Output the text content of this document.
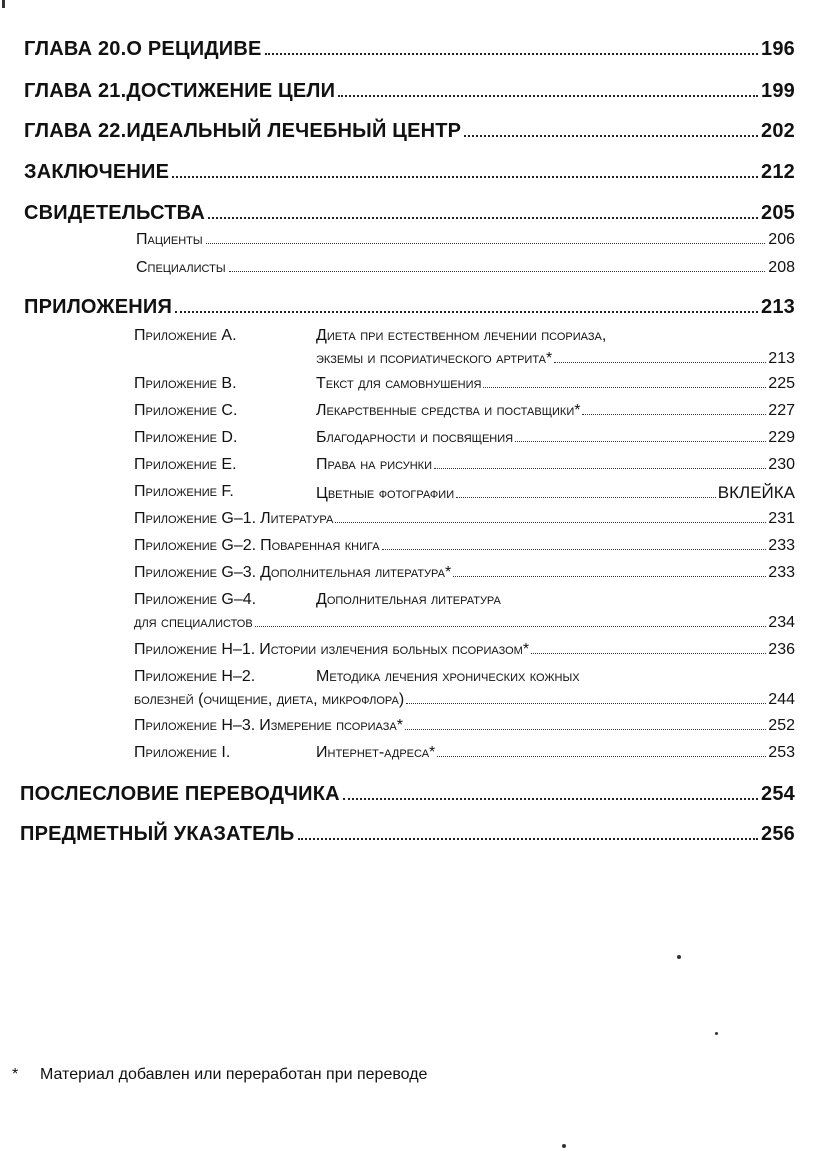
ГЛАВА 20.О РЕЦИДИВЕ	196
ГЛАВА 21.ДОСТИЖЕНИЕ ЦЕЛИ	199
ГЛАВА 22.ИДЕАЛЬНЫЙ ЛЕЧЕБНЫЙ ЦЕНТР	202
ЗАКЛЮЧЕНИЕ	212
СВИДЕТЕЛЬСТВА	205
Пациенты	206
Специалисты	208
ПРИЛОЖЕНИЯ	213
Приложение A.	Диета при естественном лечении псориаза,
экземы и псориатического артрита*	213
Приложение B.	Текст для самовнушения	225
Приложение C.	Лекарственные средства и поставщики*	227
Приложение D.	Благодарности и посвящения	229
Приложение E.	Права на рисунки	230
Приложение F.	Цветные фотографии	ВКЛЕЙКА
Приложение G–1. Литература	231
Приложение G–2. Поваренная книга	233
Приложение G–3. Дополнительная литература*	233
Приложение G–4.	Дополнительная литература
для специалистов	234
Приложение H–1. Истории излечения больных псориазом*	236
Приложение H–2.	Методика лечения хронических кожных
болезней (очищение, диета, микрофлора)	244
Приложение H–3. Измерение псориаза*	252
Приложение I.	Интернет-адреса*	253
ПОСЛЕСЛОВИЕ ПЕРЕВОДЧИКА	254
ПРЕДМЕТНЫЙ УКАЗАТЕЛЬ	256
* Материал добавлен или переработан при переводе
